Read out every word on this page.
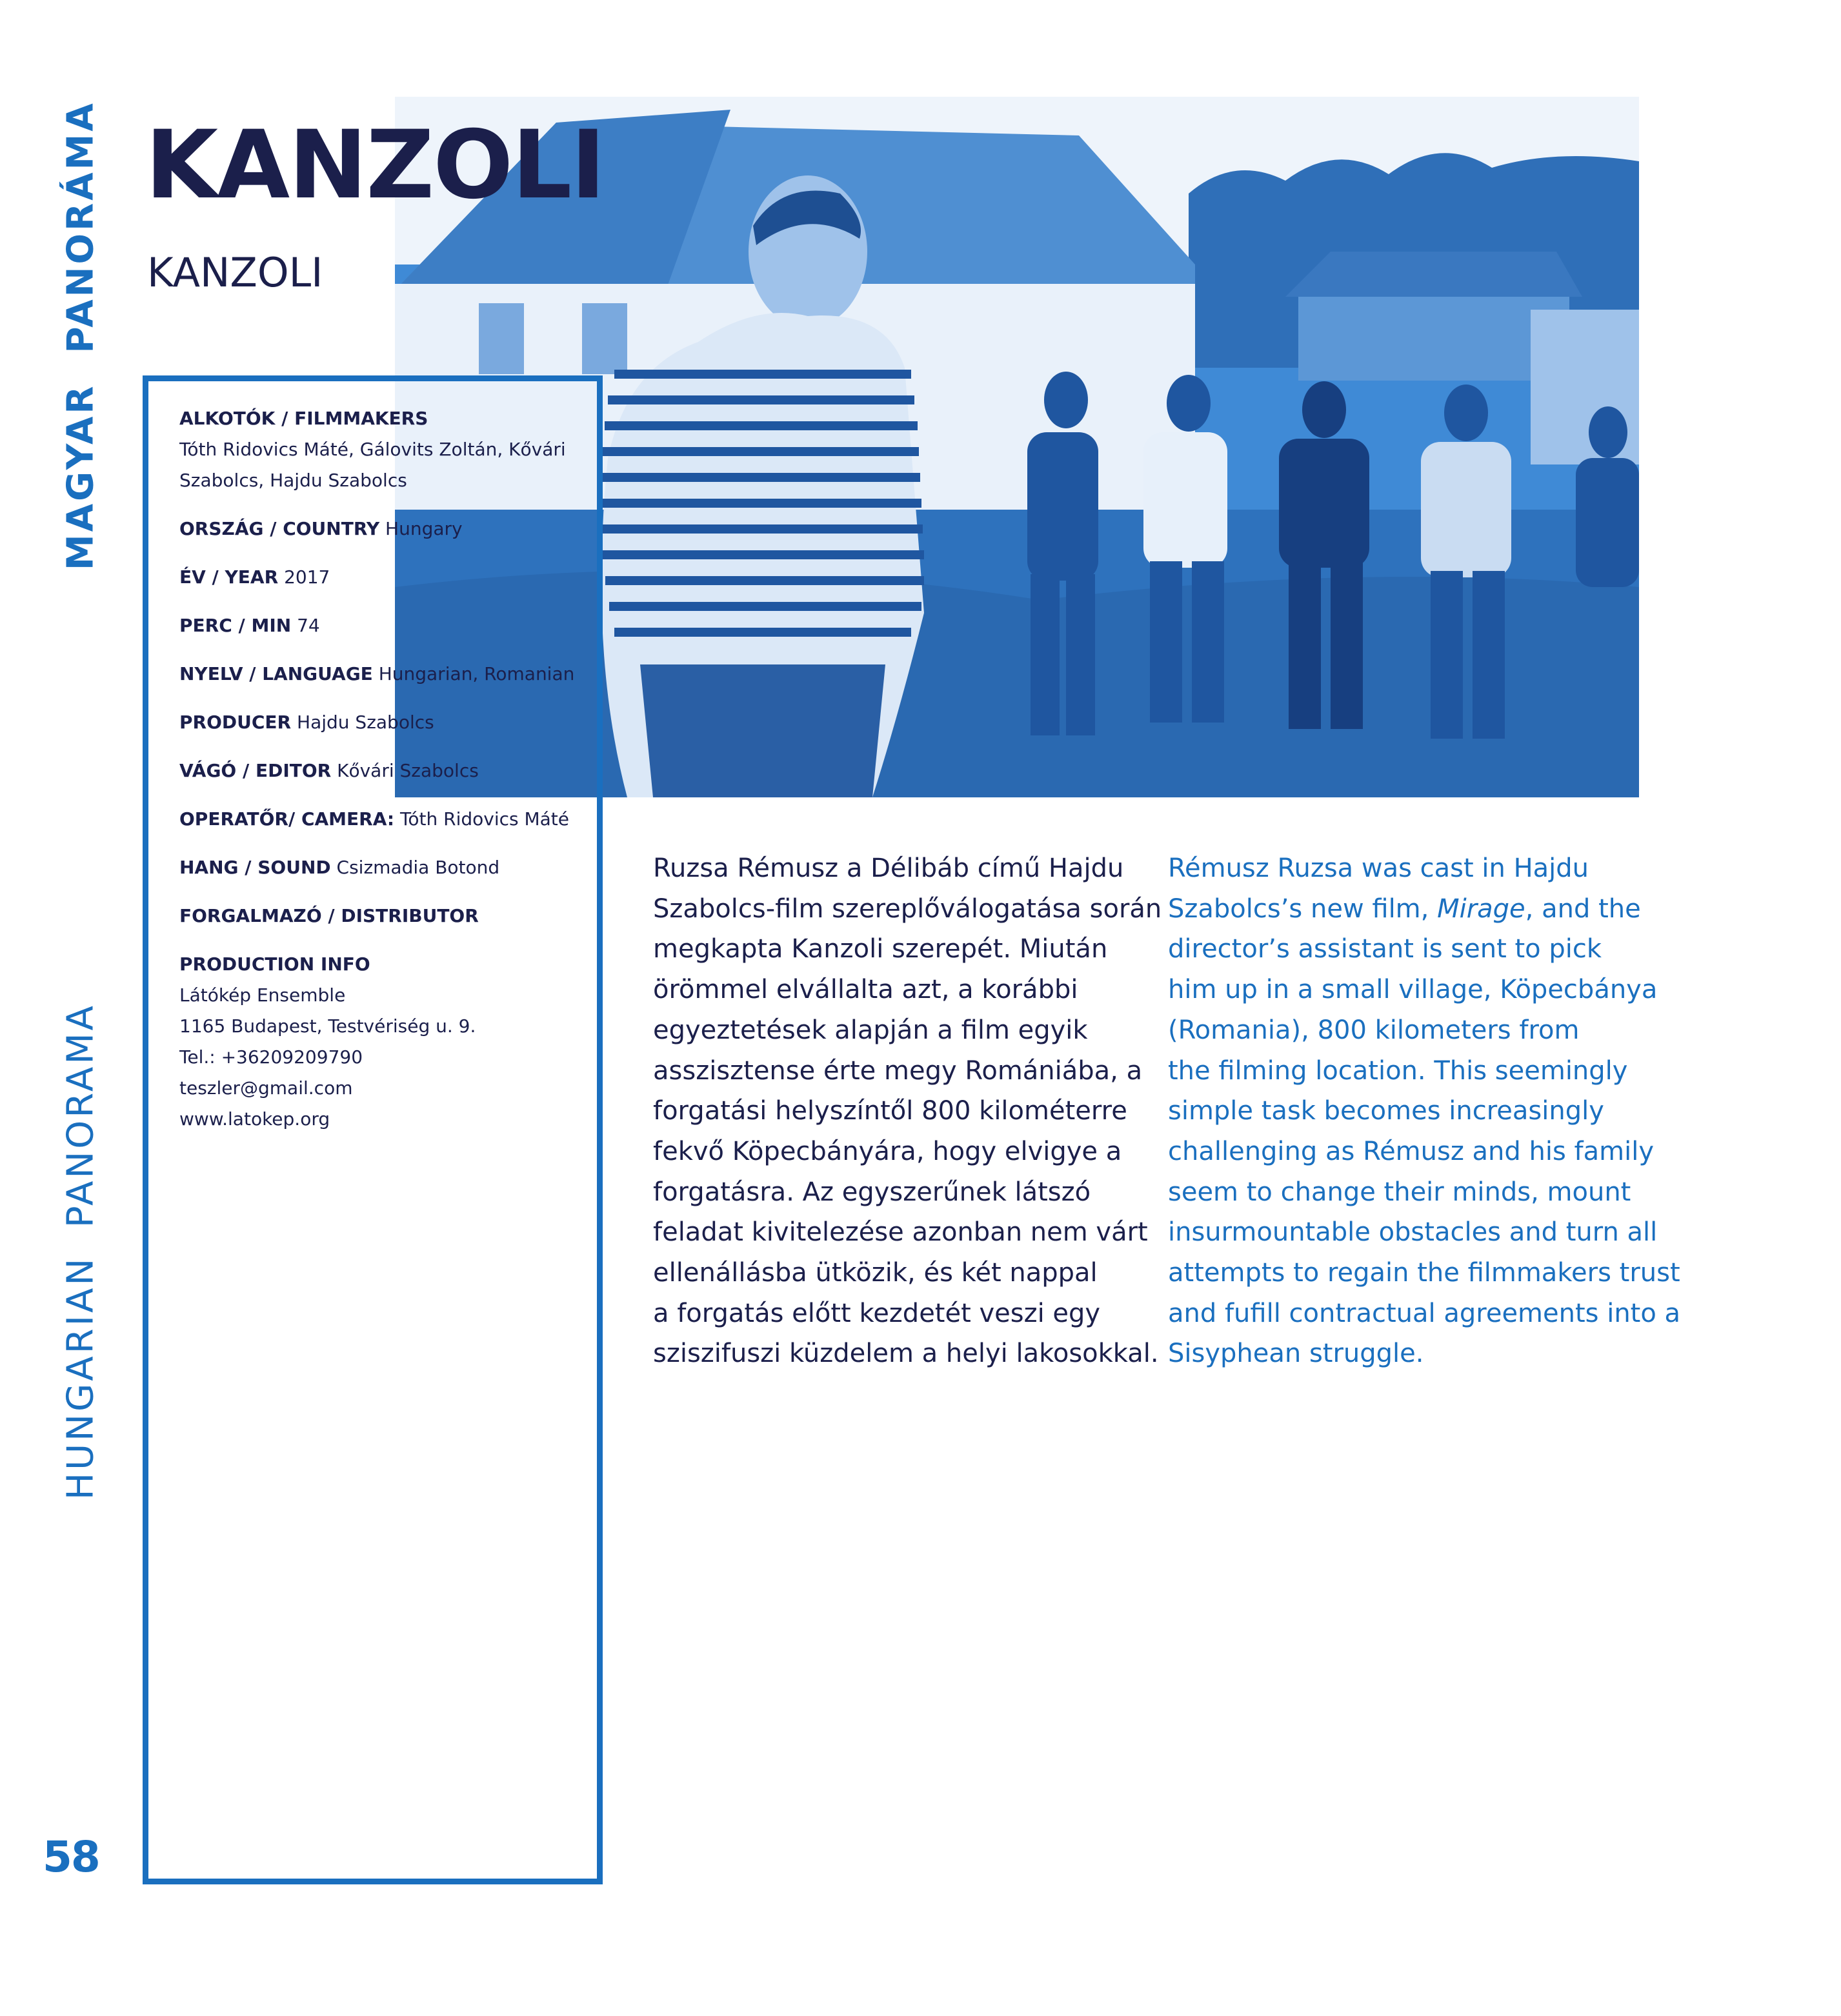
MAGYAR  PANORÁMA
HUNGARIAN  PANORAMA
58
KANZOLI
KANZOLI

ALKOTÓK / FILMMAKERS
Tóth Ridovics Máté, Gálovits Zoltán, Kővári
Szabolcs, Hajdu Szabolcs

ORSZÁG / COUNTRY Hungary

ÉV / YEAR 2017

PERC / MIN 74

NYELV / LANGUAGE Hungarian, Romanian

PRODUCER Hajdu Szabolcs

VÁGÓ / EDITOR Kővári Szabolcs

OPERATŐR/ CAMERA: Tóth Ridovics Máté

HANG / SOUND Csizmadia Botond

FORGALMAZÓ / DISTRIBUTOR

PRODUCTION INFO
Látókép Ensemble
1165 Budapest, Testvériség u. 9.
Tel.: +36209209790
teszler@gmail.com
www.latokep.org

Ruzsa Rémusz a Délibáb című Hajdu
Szabolcs-film szereplőválogatása során
megkapta Kanzoli szerepét. Miután
örömmel elvállalta azt, a korábbi
egyeztetések alapján a film egyik
asszisztense érte megy Romániába, a
forgatási helyszíntől 800 kilométerre
fekvő Köpecbányára, hogy elvigye a
forgatásra. Az egyszerűnek látszó
feladat kivitelezése azonban nem várt
ellenállásba ütközik, és két nappal
a forgatás előtt kezdetét veszi egy
sziszifuszi küzdelem a helyi lakosokkal.
Rémusz Ruzsa was cast in Hajdu
Szabolcs’s new film, Mirage, and the
director’s assistant is sent to pick
him up in a small village, Köpecbánya
(Romania), 800 kilometers from
the filming location. This seemingly
simple task becomes increasingly
challenging as Rémusz and his family
seem to change their minds, mount
insurmountable obstacles and turn all
attempts to regain the filmmakers trust
and fufill contractual agreements into a
Sisyphean struggle.
